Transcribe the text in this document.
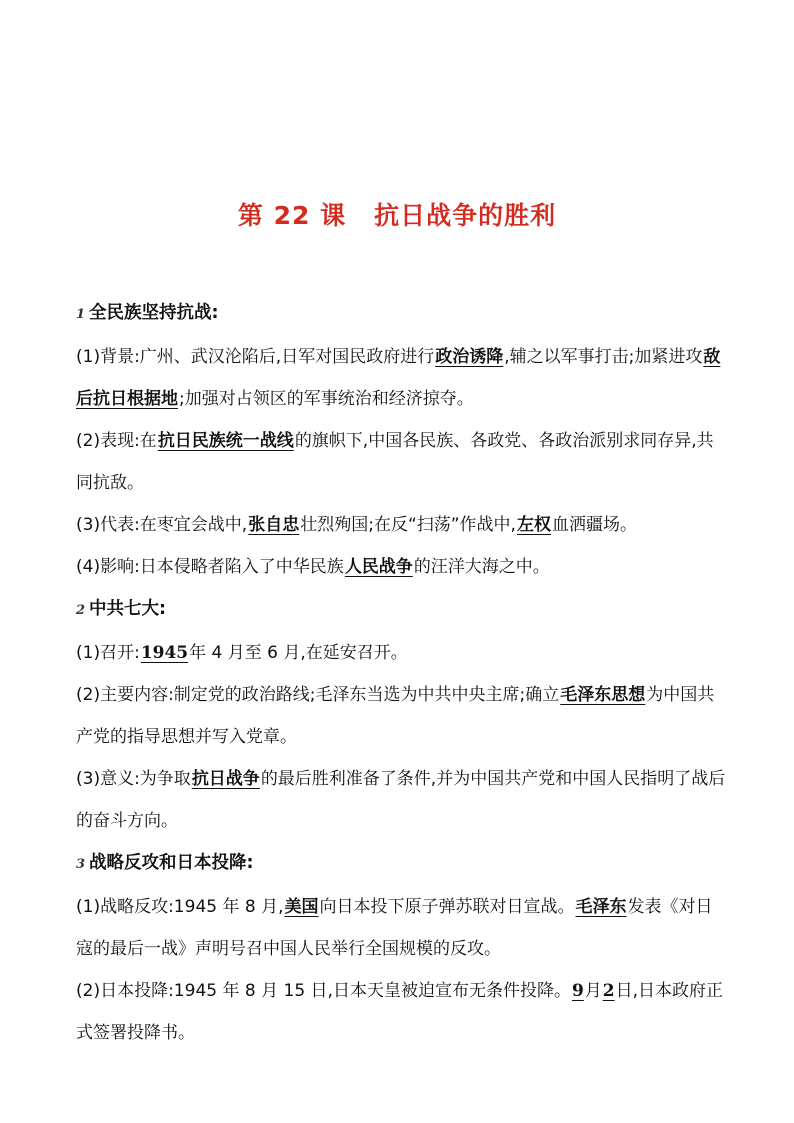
第 22 课 抗日战争的胜利
1 全民族坚持抗战:
(1)背景:广州、武汉沦陷后,日军对国民政府进行政治诱降,辅之以军事打击;加紧进攻敌后抗日根据地;加强对占领区的军事统治和经济掠夺。
(2)表现:在抗日民族统一战线的旗帜下,中国各民族、各政党、各政治派别求同存异,共同抗敌。
(3)代表:在枣宜会战中,张自忠壮烈殉国;在反“扫荡”作战中,左权血洒疆场。
(4)影响:日本侵略者陷入了中华民族人民战争的汪洋大海之中。
2 中共七大:
(1)召开:1945年 4 月至 6 月,在延安召开。
(2)主要内容:制定党的政治路线;毛泽东当选为中共中央主席;确立毛泽东思想为中国共产党的指导思想并写入党章。
(3)意义:为争取抗日战争的最后胜利准备了条件,并为中国共产党和中国人民指明了战后的奋斗方向。
3 战略反攻和日本投降:
(1)战略反攻:1945 年 8 月,美国向日本投下原子弹苏联对日宣战。毛泽东发表《对日寇的最后一战》声明号召中国人民举行全国规模的反攻。
(2)日本投降:1945 年 8 月 15 日,日本天皇被迫宣布无条件投降。9月2日,日本政府正式签署投降书。
